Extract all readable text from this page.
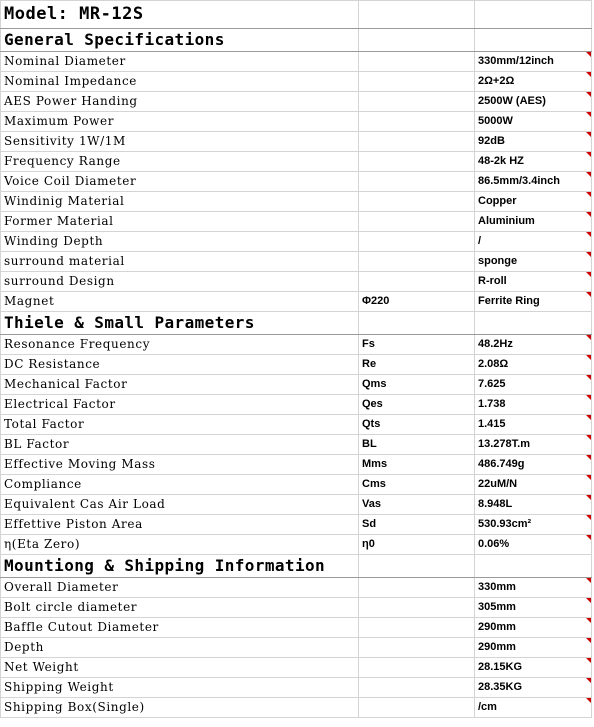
Model: MR-12S		
General Specifications		
Nominal Diameter		330mm/12inch

Nominal Impedance		2Ω+2Ω

AES Power Handing		2500W (AES)

Maximum Power		5000W

Sensitivity 1W/1M		92dB

Frequency Range		48-2k HZ

Voice Coil Diameter		86.5mm/3.4inch

Windinig Material		Copper

Former Material		Aluminium

Winding Depth		/

surround material		sponge

surround Design		R-roll

Magnet	Φ220	Ferrite Ring

Thiele & Small Parameters		
Resonance Frequency	Fs	48.2Hz

DC Resistance	Re	2.08Ω

Mechanical Factor	Qms	7.625

Electrical Factor	Qes	1.738

Total Factor	Qts	1.415

BL Factor	BL	13.278T.m

Effective Moving Mass	Mms	486.749g

Compliance	Cms	22uM/N

Equivalent Cas Air Load	Vas	8.948L

Effettive Piston Area	Sd	530.93cm²

η(Eta Zero)	η0	0.06%

Mountiong & Shipping Information		
Overall Diameter		330mm

Bolt circle diameter		305mm

Baffle Cutout Diameter		290mm

Depth		290mm

Net Weight		28.15KG

Shipping Weight		28.35KG

Shipping Box(Single)		/cm
